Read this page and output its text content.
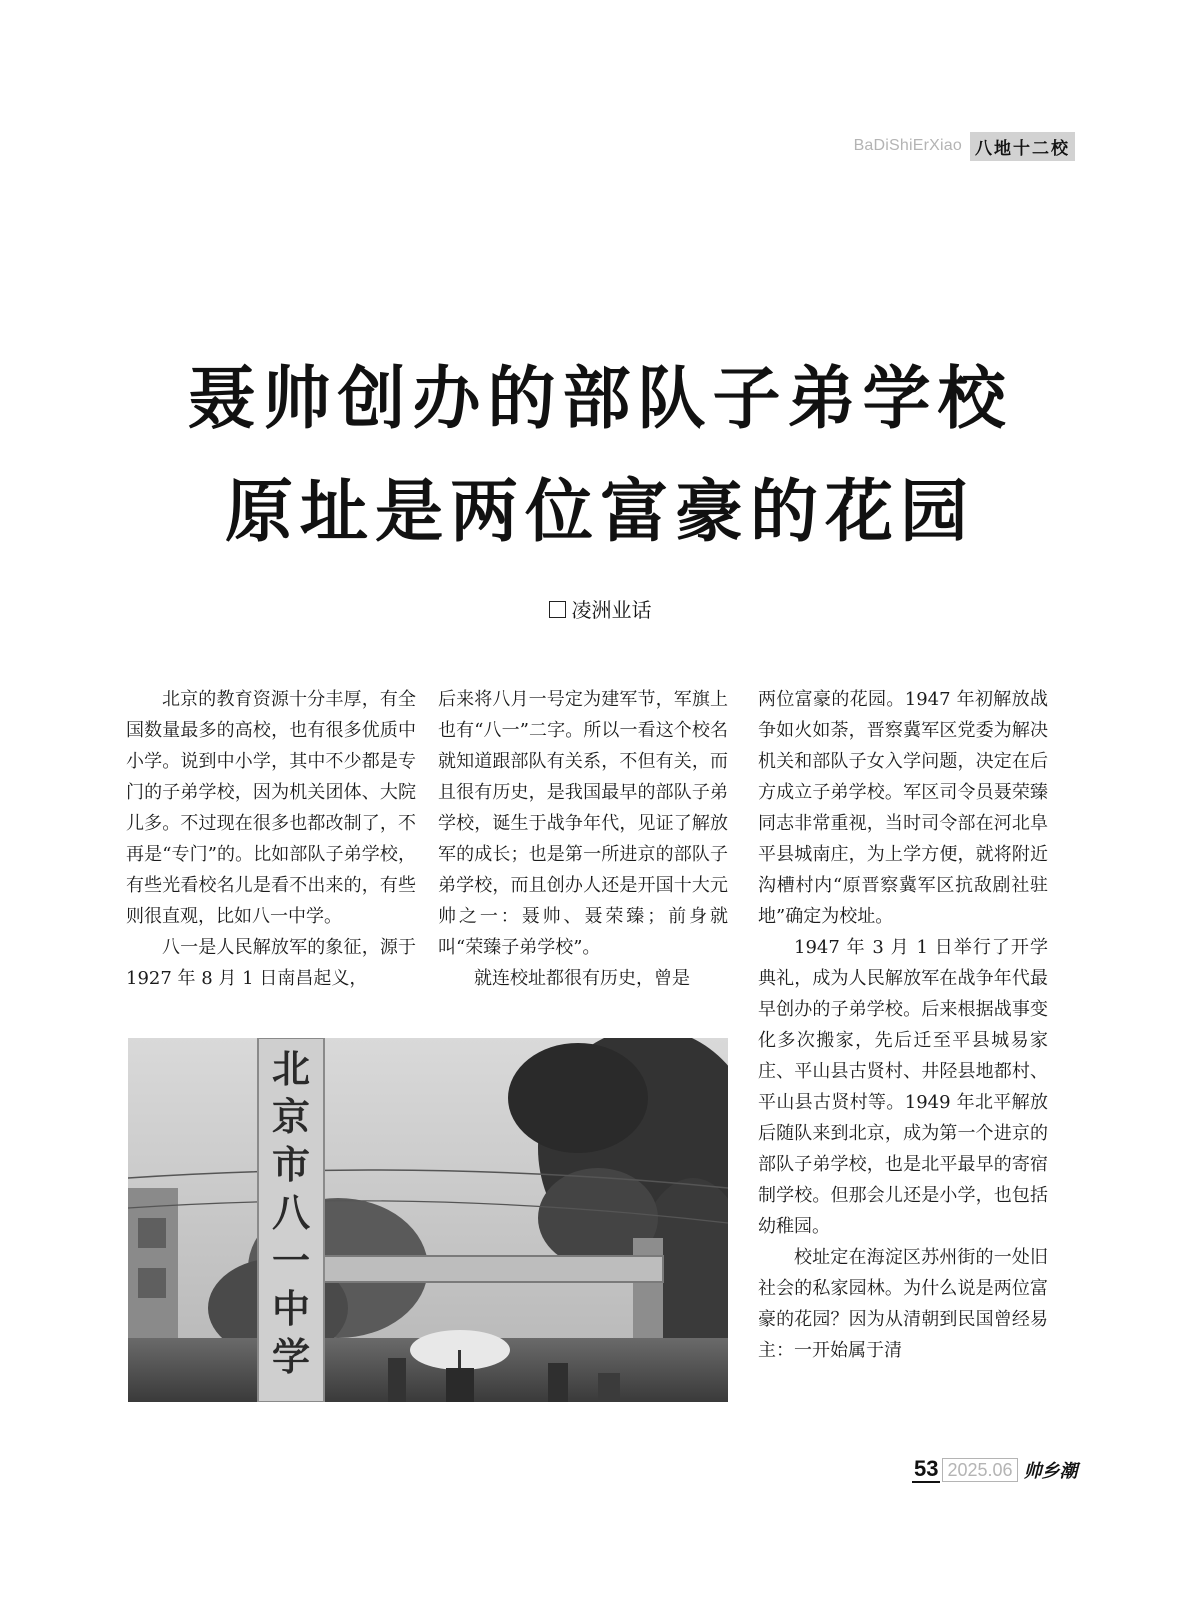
BaDiShiErXiao 八地十二校
聂帅创办的部队子弟学校
原址是两位富豪的花园
凌洲业话

北京的教育资源十分丰厚，有全国数量最多的高校，也有很多优质中小学。说到中小学，其中不少都是专门的子弟学校，因为机关团体、大院儿多。不过现在很多也都改制了，不再是“专门”的。比如部队子弟学校，有些光看校名儿是看不出来的，有些则很直观，比如八一中学。

八一是人民解放军的象征，源于 1927 年 8 月 1 日南昌起义，

后来将八月一号定为建军节，军旗上也有“八一”二字。所以一看这个校名就知道跟部队有关系，不但有关，而且很有历史，是我国最早的部队子弟学校，诞生于战争年代，见证了解放军的成长；也是第一所进京的部队子弟学校，而且创办人还是开国十大元帅之一：聂帅、聂荣臻；前身就叫“荣臻子弟学校”。

就连校址都很有历史，曾是

两位富豪的花园。1947 年初解放战争如火如荼，晋察冀军区党委为解决机关和部队子女入学问题，决定在后方成立子弟学校。军区司令员聂荣臻同志非常重视，当时司令部在河北阜平县城南庄，为上学方便，就将附近沟槽村内“原晋察冀军区抗敌剧社驻地”确定为校址。

1947 年 3 月 1 日举行了开学典礼，成为人民解放军在战争年代最早创办的子弟学校。后来根据战事变化多次搬家，先后迁至平县城易家庄、平山县古贤村、井陉县地都村、平山县古贤村等。1949 年北平解放后随队来到北京，成为第一个进京的部队子弟学校，也是北平最早的寄宿制学校。但那会儿还是小学，也包括幼稚园。

校址定在海淀区苏州街的一处旧社会的私家园林。为什么说是两位富豪的花园？因为从清朝到民国曾经易主：一开始属于清

北
京
市
八
一
中
学
53 2025.06 帅乡潮
